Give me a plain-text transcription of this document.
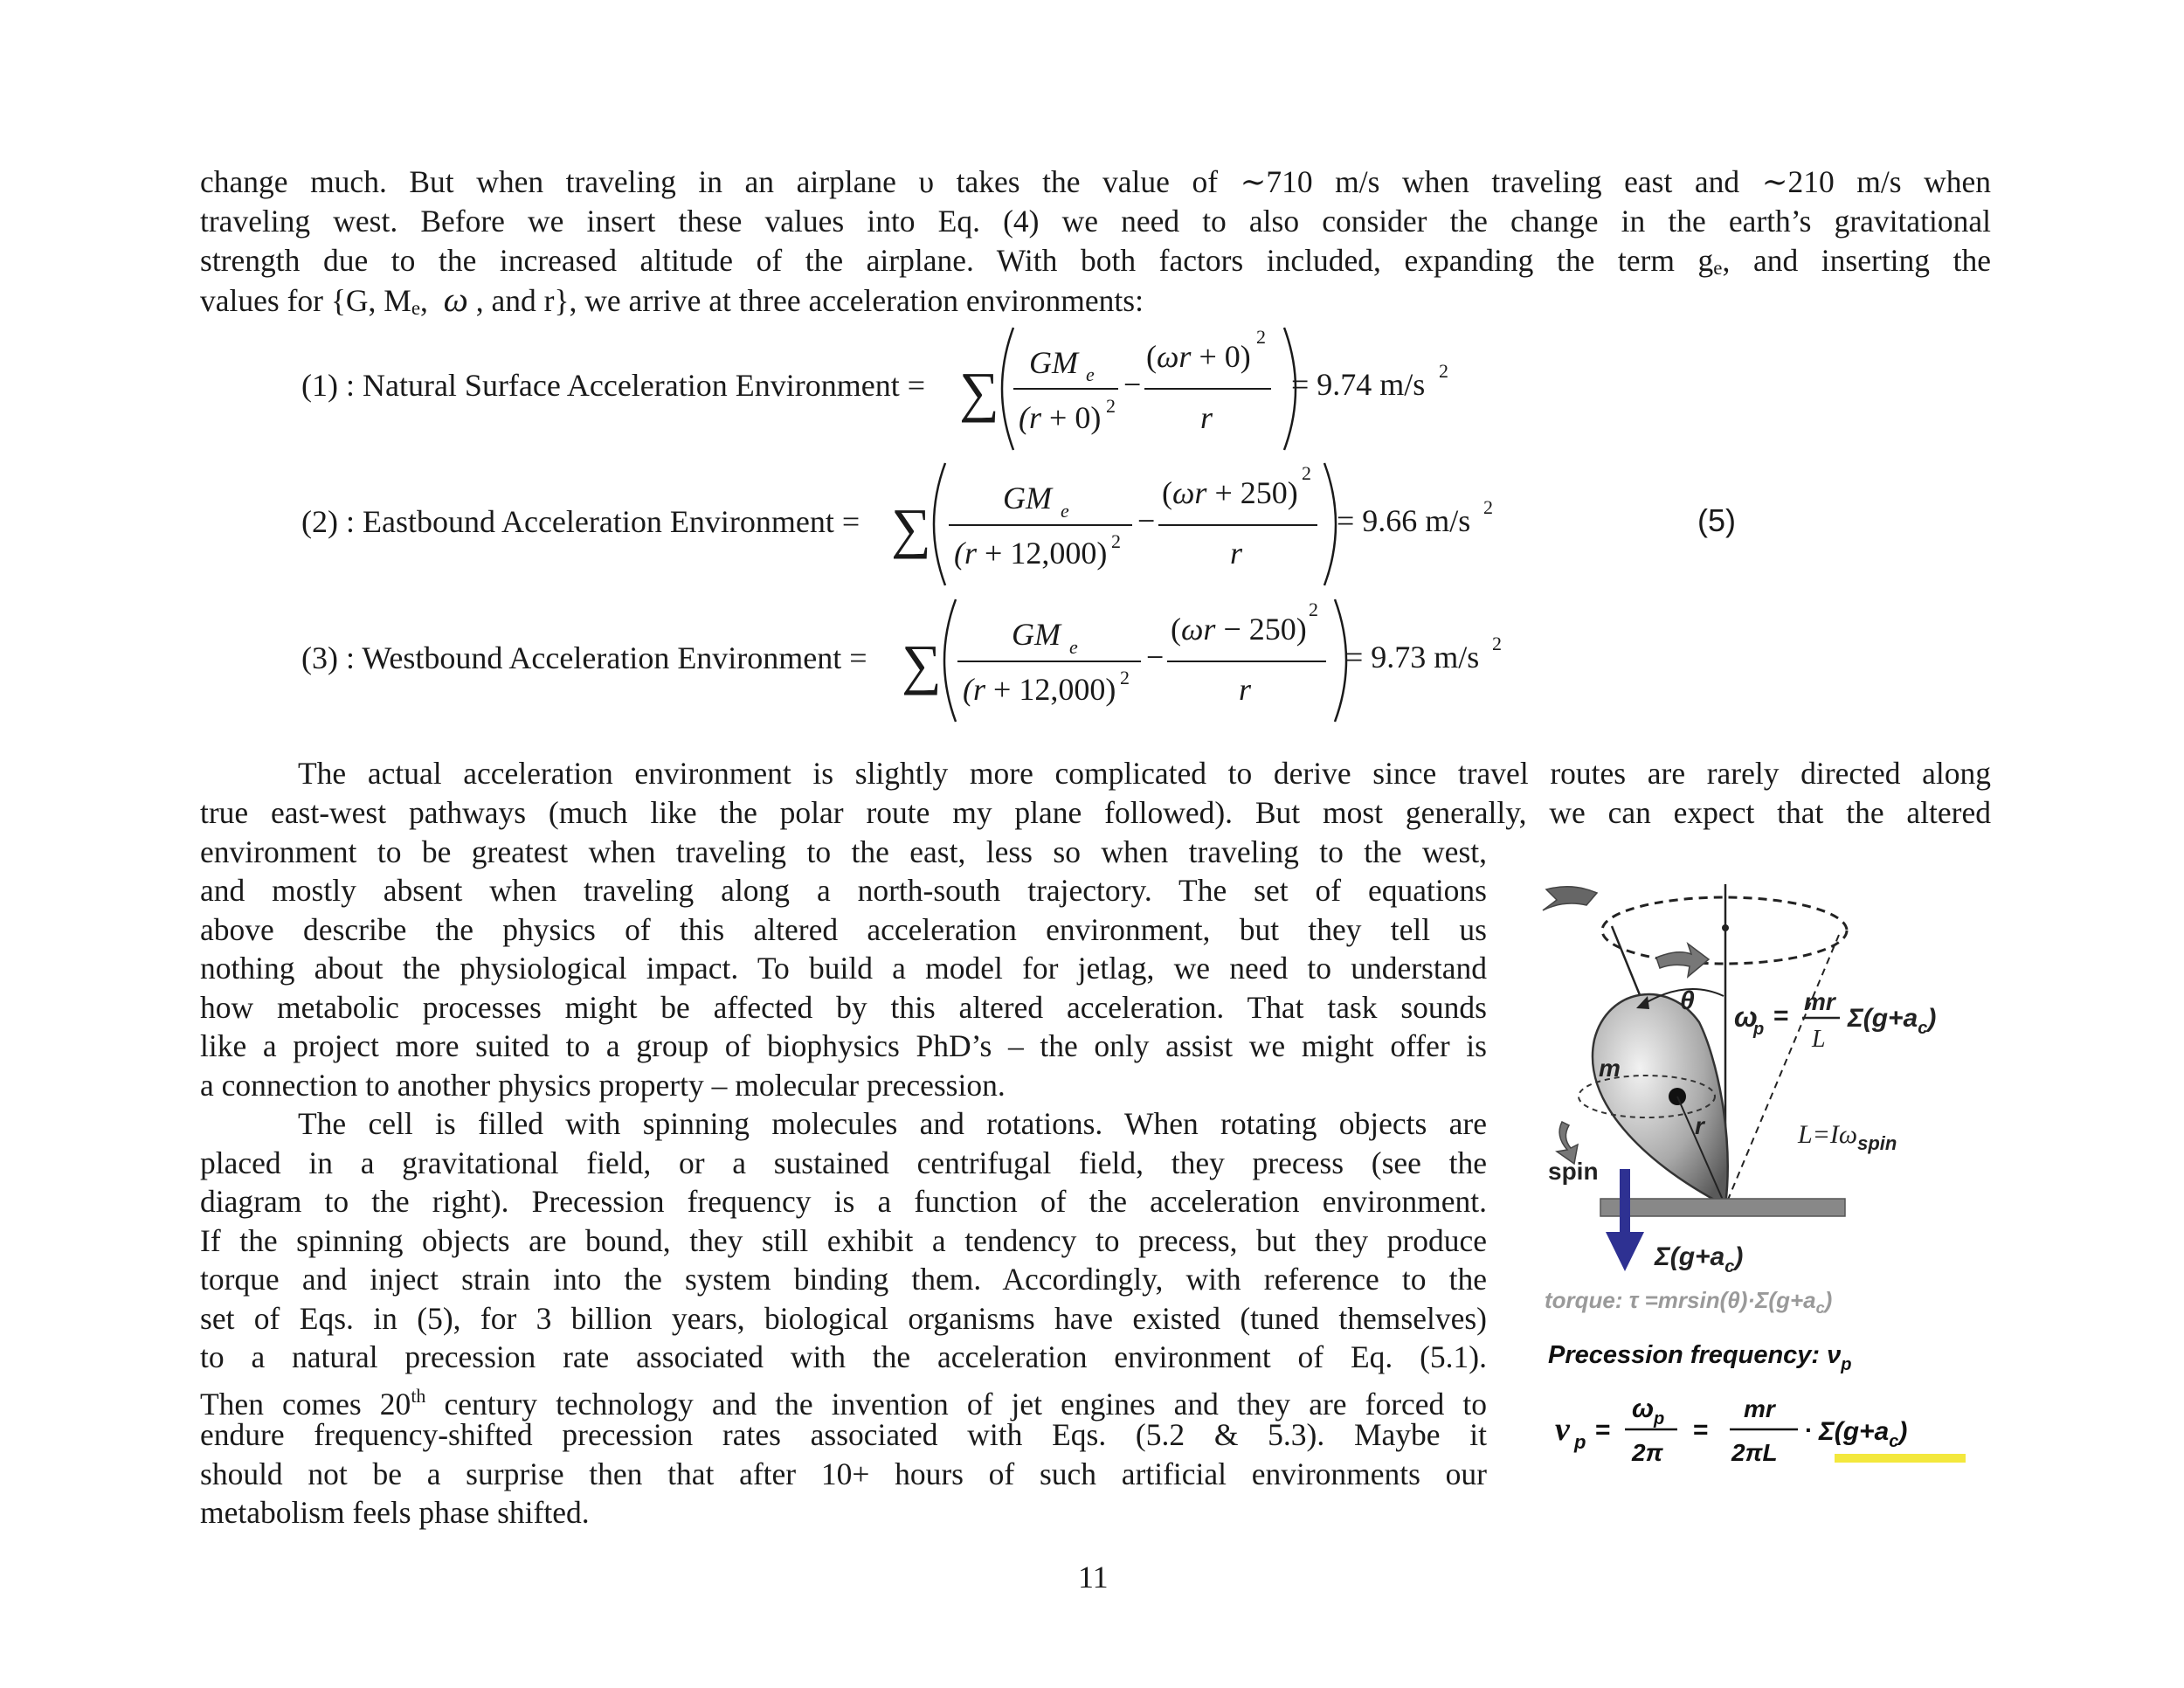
change much. But when traveling in an airplane υ takes the value of ∼710 m/s when traveling east and ∼210 m/s when
traveling west. Before we insert these values into Eq. (4) we need to also consider the change in the earth’s gravitational
strength due to the increased altitude of the airplane. With both factors included, expanding the term ge, and inserting the
values for {G, Me,  ω , and r}, we arrive at three acceleration environments:
(1) : Natural Surface Acceleration Environment =
(2) : Eastbound Acceleration Environment =
(3) : Westbound Acceleration Environment =
(5)
∑ GM e
(r + 0) 2
−
(ωr + 0)
2
r
= 9.74 m/s 2
∑ GM e
(r + 12,000) 2
−
(ωr + 250)
2
r
= 9.66 m/s 2
∑ GM e
(r + 12,000) 2
−
(ωr − 250)
2
r
= 9.73 m/s 2
The actual acceleration environment is slightly more complicated to derive since travel routes are rarely directed along
true east-west pathways (much like the polar route my plane followed). But most generally, we can expect that the altered
environment to be greatest when traveling to the east, less so when traveling to the west,
and mostly absent when traveling along a north-south trajectory. The set of equations
above describe the physics of this altered acceleration environment, but they tell us
nothing about the physiological impact. To build a model for jetlag, we need to understand
how metabolic processes might be affected by this altered acceleration. That task sounds
like a project more suited to a group of biophysics PhD’s – the only assist we might offer is
a connection to another physics property – molecular precession.
The cell is filled with spinning molecules and rotations. When rotating objects are
placed in a gravitational field, or a sustained centrifugal field, they precess (see the
diagram to the right). Precession frequency is a function of the acceleration environment.
If the spinning objects are bound, they still exhibit a tendency to precess, but they produce
torque and inject strain into the system binding them. Accordingly, with reference to the
set of Eqs. in (5), for 3 billion years, biological organisms have existed (tuned themselves)
to a natural precession rate associated with the acceleration environment of Eq. (5.1).
Then comes 20th century technology and the invention of jet engines and they are forced to
endure frequency-shifted precession rates associated with Eqs. (5.2 & 5.3). Maybe it
should not be a surprise then that after 10+ hours of such artificial environments our
metabolism feels phase shifted.
θ
ω
p = mr
L
$\Sigma(g+a_c)$
m
r	$L=I\omega_{spin}$
spin
$\Sigma(g+a_c)$
torque: $\tau =mrsin(\theta)\cdot\Sigma(g+a_c)$
Precession frequency: $\nu_p$
ν p =
$\omega_p$
2π
=
mr
2πL
· $\Sigma(g+a_c)$
11
